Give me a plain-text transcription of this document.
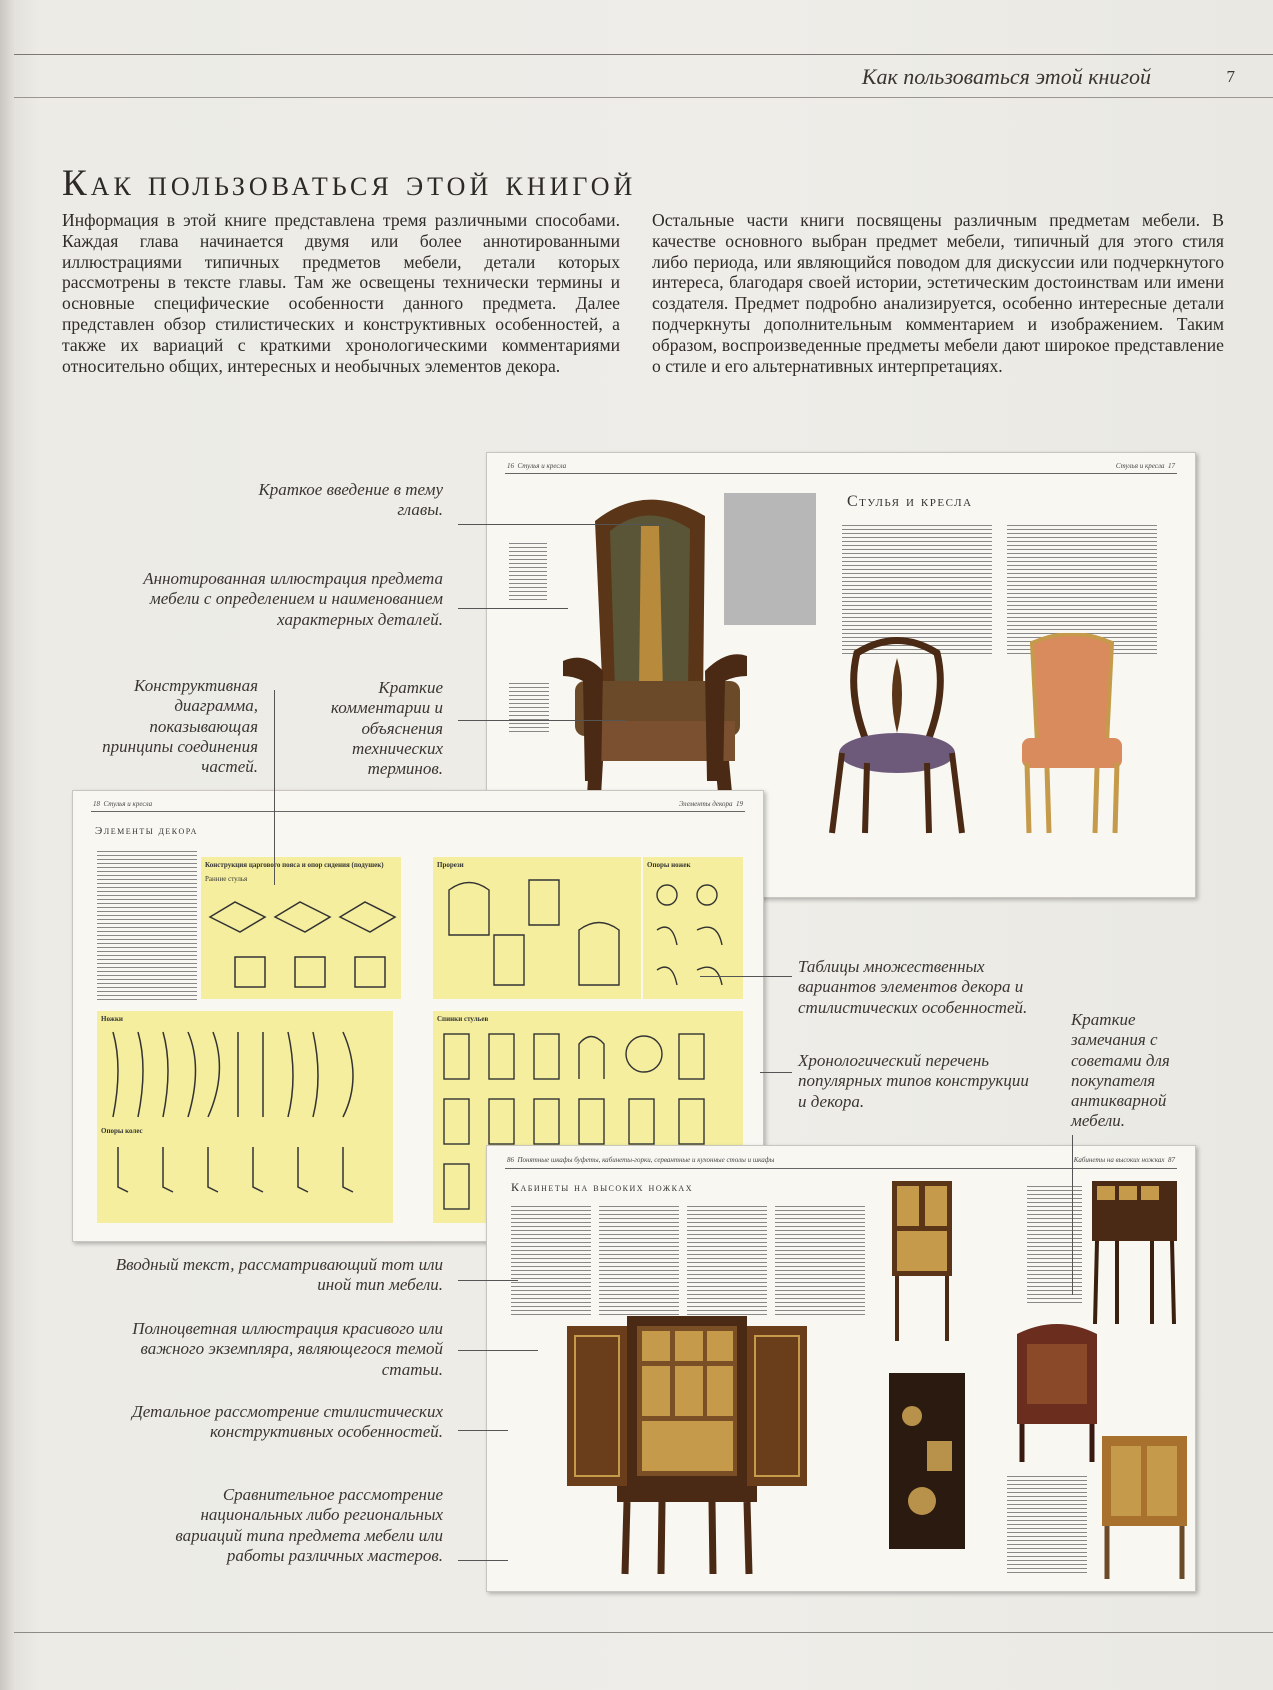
Как пользоваться этой книгой	7
Как пользоваться этой книгой
Информация в этой книге представлена тремя различными способами. Каждая глава начинается двумя или более аннотированными иллюстрациями типичных предметов мебели, детали которых рассмотрены в тексте главы. Там же освещены технически термины и основные специфические особенности данного предмета. Далее представлен обзор стилистических и конструктивных особенностей, а также их вариаций с краткими хронологическими комментариями относительно общих, интересных и необычных элементов декора.
Остальные части книги посвящены различным предметам мебели. В качестве основного выбран предмет мебели, типичный для этого стиля либо периода, или являющийся поводом для дискуссии или подчеркнутого интереса, благодаря своей истории, эстетическим достоинствам или имени создателя. Предмет подробно анализируется, особенно интересные детали подчеркнуты дополнительным комментарием и изображением. Таким образом, воспроизведенные предметы мебели дают широкое представление о стиле и его альтернативных интерпретациях.
16 Стулья и кресла	Стулья и кресла 17
Стулья и кресла
18 Стулья и кресла	Элементы декора 19
Элементы декора
Конструкция царгового пояса и опор сидения (подушек)
Ранние стулья
Прорези	Опоры ножек
Ножки
Опоры колес
Спинки стульев
86 Понятные шкафы буфеты, кабинеты-горки, сервантные и кухонные столы и шкафы	Кабинеты на высоких ножках 87
Кабинеты на высоких ножках
Краткое введение в тему главы.
Аннотированная иллюстрация предмета мебели с определением и наименованием характерных деталей.
Конструктивная диаграмма, показывающая принципы соединения частей.
Краткие комментарии и объяснения технических терминов.
Таблицы множественных вариантов элементов декора и стилистических особенностей.
Хронологический перечень популярных типов конструкции и декора.
Краткие замечания с советами для покупателя антикварной мебели.
Вводный текст, рассматривающий тот или иной тип мебели.
Полноцветная иллюстрация красивого или важного экземпляра, являющегося темой статьи.
Детальное рассмотрение стилистических конструктивных особенностей.
Сравнительное рассмотрение национальных либо региональных вариаций типа предмета мебели или работы различных мастеров.
